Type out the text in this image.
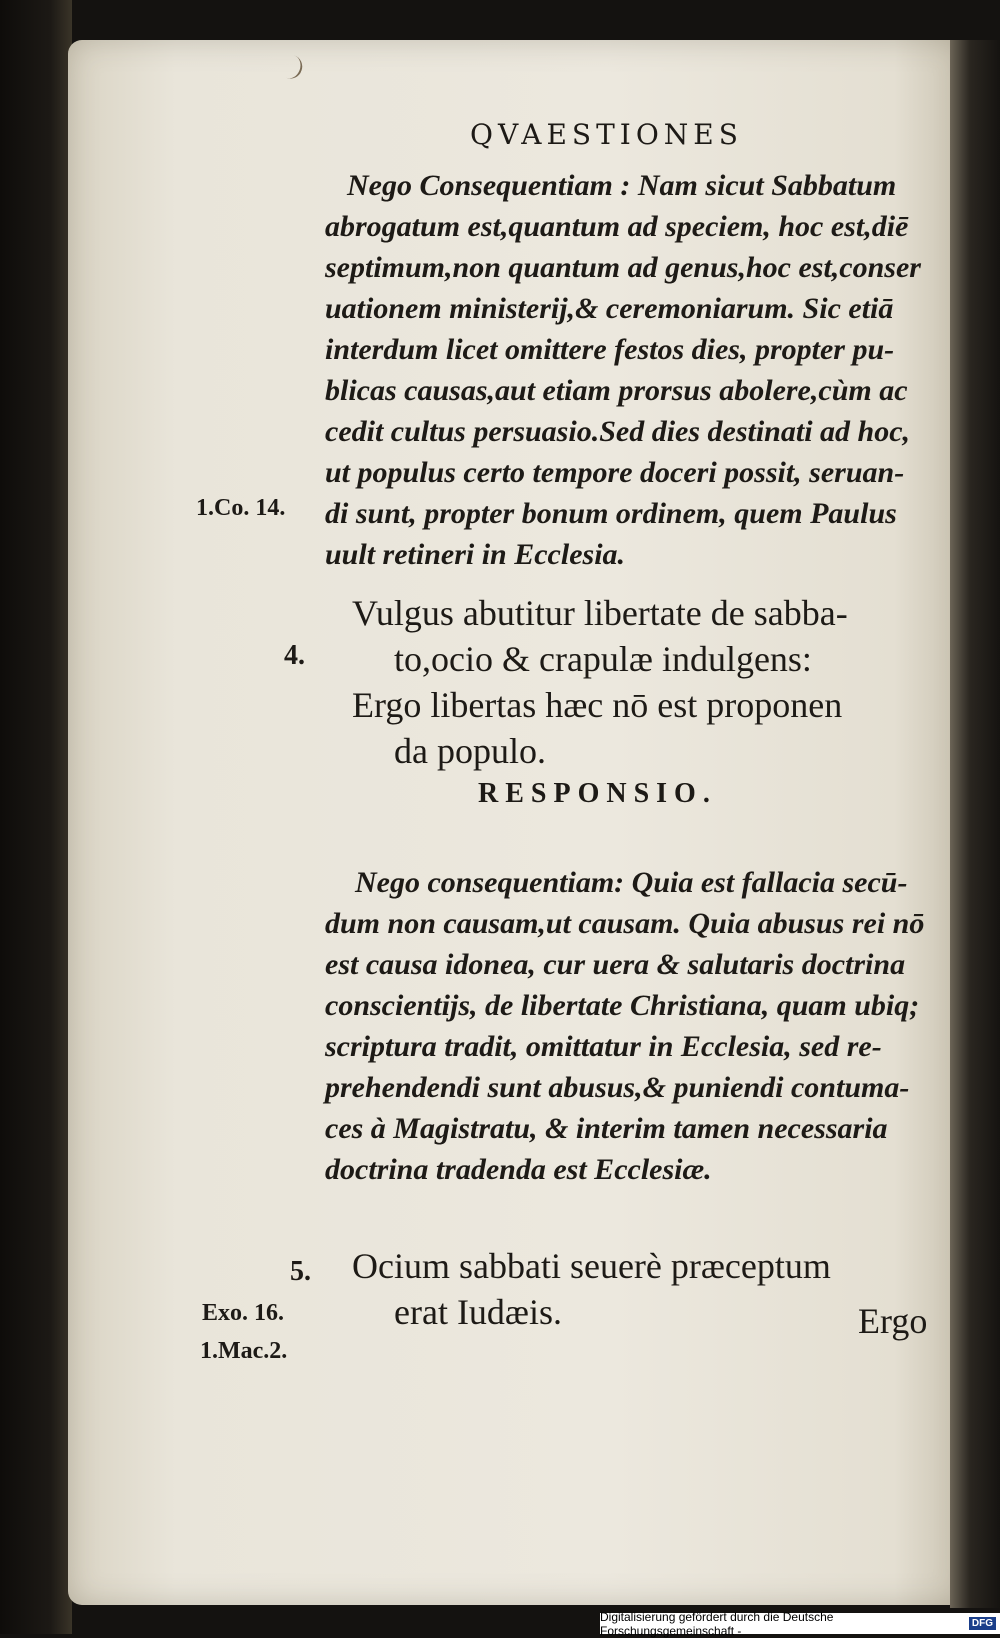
QVAESTIONES
Nego Consequentiam : Nam sicut Sabbatum
abrogatum est,quantum ad speciem, hoc est,diē
septimum,non quantum ad genus,hoc est,conser
uationem ministerij,& ceremoniarum. Sic etiā
interdum licet omittere festos dies, propter pu-
blicas causas,aut etiam prorsus abolere,cùm ac
cedit cultus persuasio.Sed dies destinati ad hoc,
ut populus certo tempore doceri possit, seruan-
di sunt, propter bonum ordinem, quem Paulus
uult retineri in Ecclesia.
1.Co. 14.
4.
Vulgus abutitur libertate de sabba-
to,ocio & crapulæ indulgens:
Ergo libertas hæc nō est proponen
da populo.
RESPONSIO.
Nego consequentiam: Quia est fallacia secū-
dum non causam,ut causam. Quia abusus rei nō
est causa idonea, cur uera & salutaris doctrina
conscientijs, de libertate Christiana, quam ubiq;
scriptura tradit, omittatur in Ecclesia, sed re-
prehendendi sunt abusus,& puniendi contuma-
ces à Magistratu, & interim tamen necessaria
doctrina tradenda est Ecclesiæ.
5. Ocium sabbati seuerè præceptum
erat Iudæis.
Exo. 16.
1.Mac.2.
Ergo
Digitalisierung gefördert durch die Deutsche Forschungsgemeinschaft -	DFG
